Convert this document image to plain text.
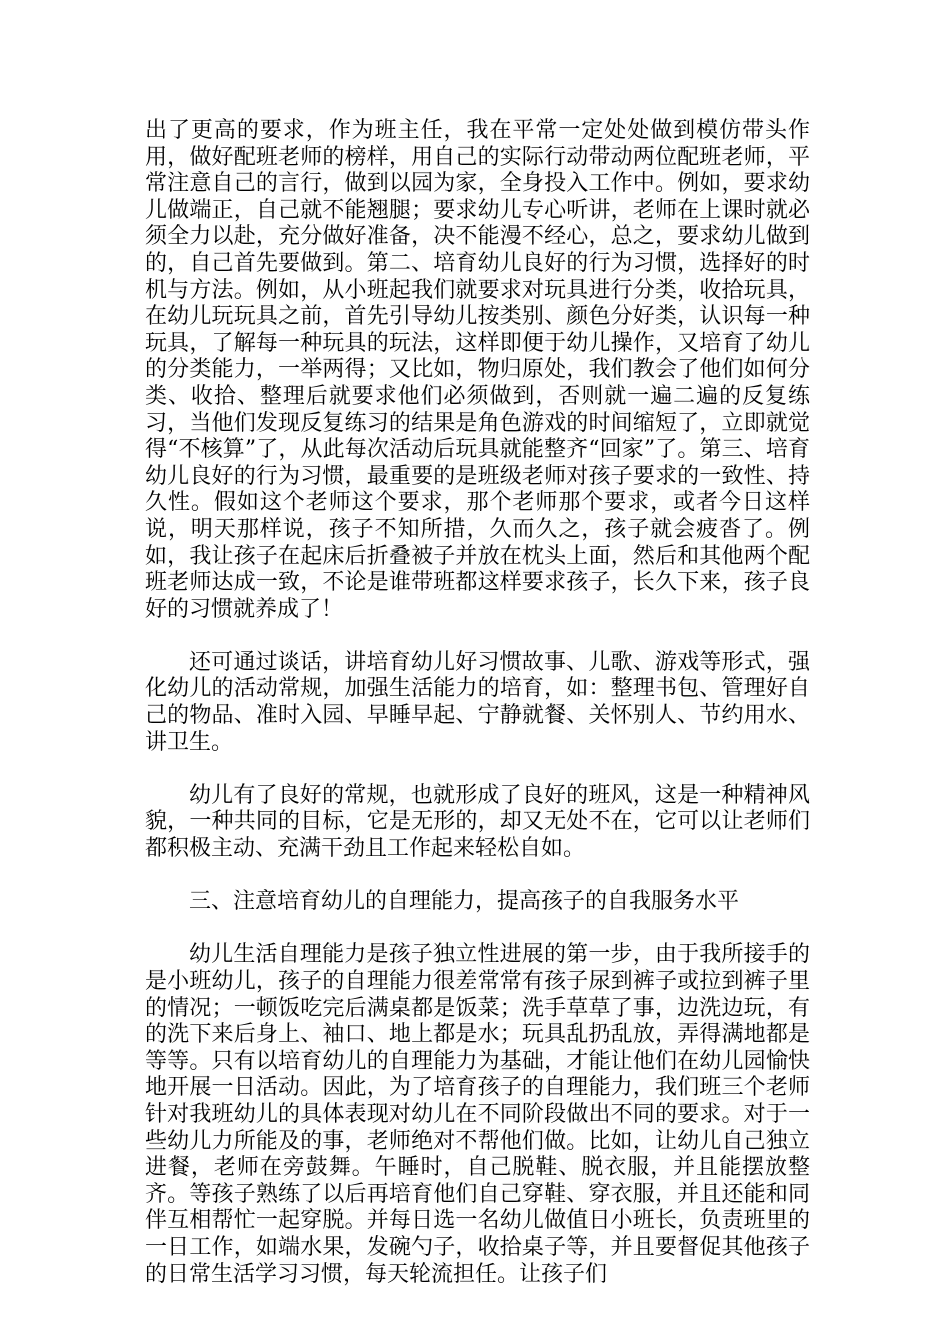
出了更高的要求，作为班主任，我在平常一定处处做到模仿带头作用，做好配班老师的榜样，用自己的实际行动带动两位配班老师，平常注意自己的言行，做到以园为家，全身投入工作中。例如，要求幼儿做端正，自己就不能翘腿；要求幼儿专心听讲，老师在上课时就必须全力以赴，充分做好准备，决不能漫不经心，总之，要求幼儿做到的，自己首先要做到。第二、培育幼儿良好的行为习惯，选择好的时机与方法。例如，从小班起我们就要求对玩具进行分类，收拾玩具，在幼儿玩玩具之前，首先引导幼儿按类别、颜色分好类，认识每一种玩具，了解每一种玩具的玩法，这样即便于幼儿操作，又培育了幼儿的分类能力，一举两得；又比如，物归原处，我们教会了他们如何分类、收拾、整理后就要求他们必须做到，否则就一遍二遍的反复练习，当他们发现反复练习的结果是角色游戏的时间缩短了，立即就觉得“不核算”了，从此每次活动后玩具就能整齐“回家”了。第三、培育幼儿良好的行为习惯，最重要的是班级老师对孩子要求的一致性、持久性。假如这个老师这个要求，那个老师那个要求，或者今日这样说，明天那样说，孩子不知所措，久而久之，孩子就会疲沓了。例如，我让孩子在起床后折叠被子并放在枕头上面，然后和其他两个配班老师达成一致，不论是谁带班都这样要求孩子，长久下来，孩子良好的习惯就养成了！

还可通过谈话，讲培育幼儿好习惯故事、儿歌、游戏等形式，强化幼儿的活动常规，加强生活能力的培育，如：整理书包、管理好自己的物品、准时入园、早睡早起、宁静就餐、关怀别人、节约用水、讲卫生。

幼儿有了良好的常规，也就形成了良好的班风，这是一种精神风貌，一种共同的目标，它是无形的，却又无处不在，它可以让老师们都积极主动、充满干劲且工作起来轻松自如。

三、注意培育幼儿的自理能力，提高孩子的自我服务水平

幼儿生活自理能力是孩子独立性进展的第一步，由于我所接手的是小班幼儿，孩子的自理能力很差常常有孩子尿到裤子或拉到裤子里的情况；一顿饭吃完后满桌都是饭菜；洗手草草了事，边洗边玩，有的洗下来后身上、袖口、地上都是水；玩具乱扔乱放，弄得满地都是等等。只有以培育幼儿的自理能力为基础，才能让他们在幼儿园愉快地开展一日活动。因此，为了培育孩子的自理能力，我们班三个老师针对我班幼儿的具体表现对幼儿在不同阶段做出不同的要求。对于一些幼儿力所能及的事，老师绝对不帮他们做。比如，让幼儿自己独立进餐，老师在旁鼓舞。午睡时，自己脱鞋、脱衣服，并且能摆放整齐。等孩子熟练了以后再培育他们自己穿鞋、穿衣服，并且还能和同伴互相帮忙一起穿脱。并每日选一名幼儿做值日小班长，负责班里的一日工作，如端水果，发碗勺子，收拾桌子等，并且要督促其他孩子的日常生活学习习惯，每天轮流担任。让孩子们
